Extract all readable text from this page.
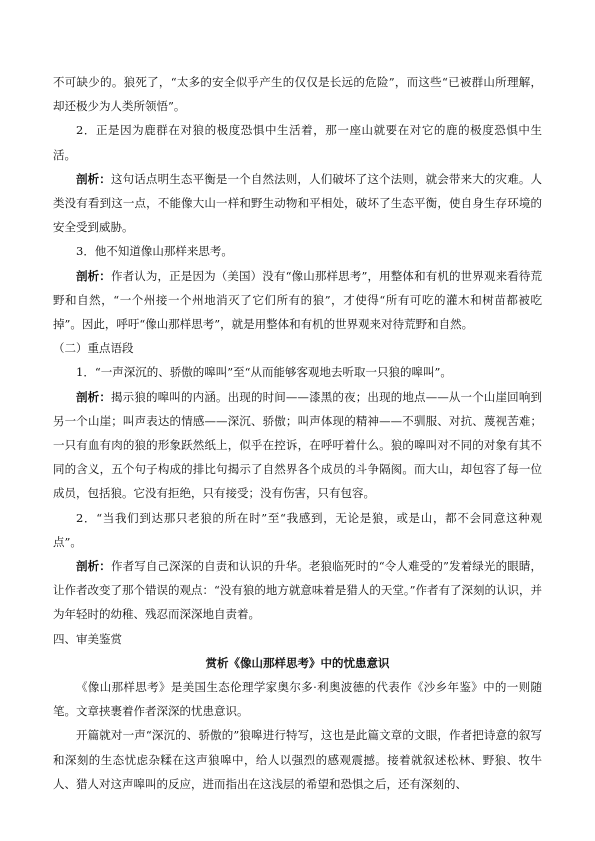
不可缺少的。狼死了，“太多的安全似乎产生的仅仅是长远的危险”，而这些“已被群山所理解，却还极少为人类所领悟”。

2．正是因为鹿群在对狼的极度恐惧中生活着，那一座山就要在对它的鹿的极度恐惧中生活。

剖析：这句话点明生态平衡是一个自然法则，人们破坏了这个法则，就会带来大的灾难。人类没有看到这一点，不能像大山一样和野生动物和平相处，破坏了生态平衡，使自身生存环境的安全受到威胁。

3．他不知道像山那样来思考。

剖析：作者认为，正是因为（美国）没有“像山那样思考”，用整体和有机的世界观来看待荒野和自然，“一个州接一个州地消灭了它们所有的狼”，才使得“所有可吃的灌木和树苗都被吃掉”。因此，呼吁“像山那样思考”，就是用整体和有机的世界观来对待荒野和自然。

（二）重点语段

1．“一声深沉的、骄傲的嗥叫”至“从而能够客观地去听取一只狼的嗥叫”。

剖析：揭示狼的嗥叫的内涵。出现的时间——漆黑的夜；出现的地点——从一个山崖回响到另一个山崖；叫声表达的情感——深沉、骄傲；叫声体现的精神——不驯服、对抗、蔑视苦难；一只有血有肉的狼的形象跃然纸上，似乎在控诉，在呼吁着什么。狼的嗥叫对不同的对象有其不同的含义，五个句子构成的排比句揭示了自然界各个成员的斗争隔阂。而大山，却包容了每一位成员，包括狼。它没有拒绝，只有接受；没有伤害，只有包容。

2．“当我们到达那只老狼的所在时”至“我感到，无论是狼，或是山，都不会同意这种观点”。

剖析：作者写自己深深的自责和认识的升华。老狼临死时的“令人难受的”发着绿光的眼睛，让作者改变了那个错误的观点：“没有狼的地方就意味着是猎人的天堂。”作者有了深刻的认识，并为年轻时的幼稚、残忍而深深地自责着。

四、审美鉴赏

赏析《像山那样思考》中的忧患意识

《像山那样思考》是美国生态伦理学家奥尔多·利奥波德的代表作《沙乡年鉴》中的一则随笔。文章挟裹着作者深深的忧患意识。

开篇就对一声“深沉的、骄傲的”狼嗥进行特写，这也是此篇文章的文眼，作者把诗意的叙写和深刻的生态忧虑杂糅在这声狼嗥中，给人以强烈的感观震撼。接着就叙述松林、野狼、牧牛人、猎人对这声嗥叫的反应，进而指出在这浅层的希望和恐惧之后，还有深刻的、
